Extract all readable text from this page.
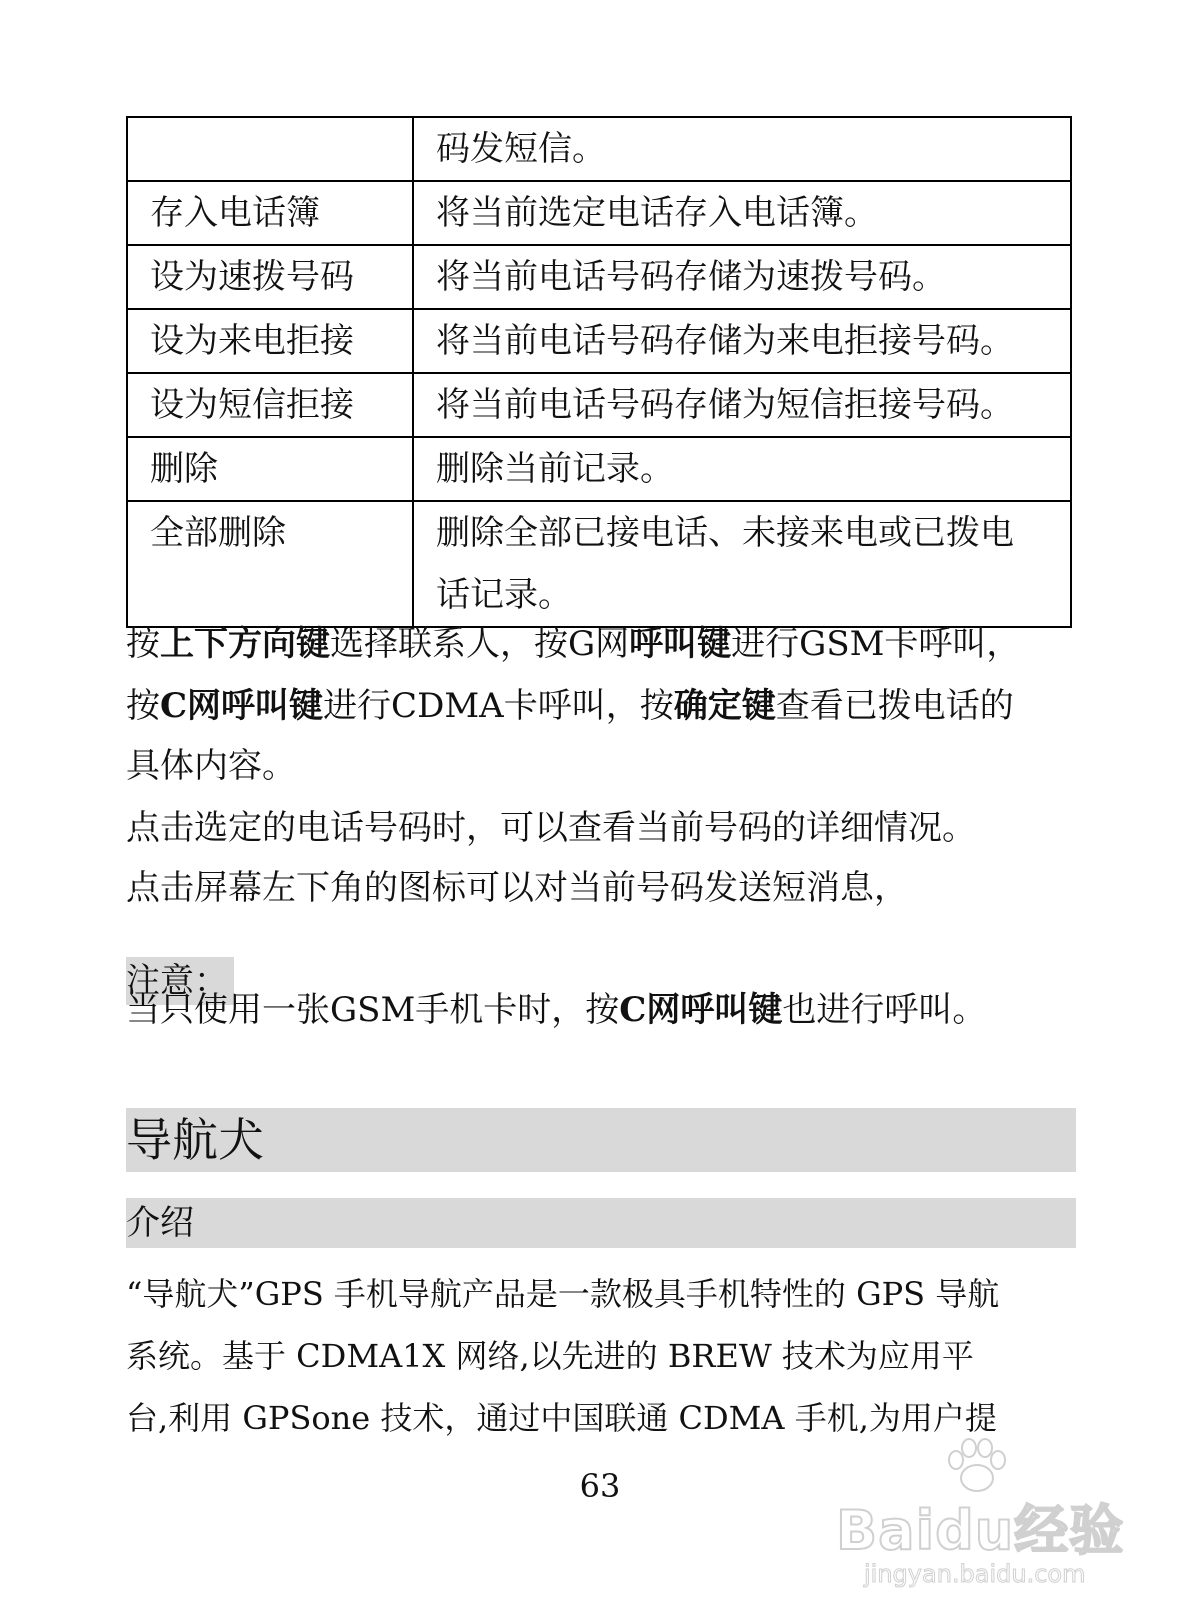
	码发短信。
存入电话簿	将当前选定电话存入电话簿。
设为速拨号码	将当前电话号码存储为速拨号码。
设为来电拒接	将当前电话号码存储为来电拒接号码。
设为短信拒接	将当前电话号码存储为短信拒接号码。
删除	删除当前记录。
全部删除	删除全部已接电话、未接来电或已拨电
话记录。
按上下方向键选择联系人，按G网呼叫键进行GSM卡呼叫，
按C网呼叫键进行CDMA卡呼叫，按确定键查看已拨电话的
具体内容。
点击选定的电话号码时，可以查看当前号码的详细情况。
点击屏幕左下角的图标可以对当前号码发送短消息，
注意：
当只使用一张GSM手机卡时，按C网呼叫键也进行呼叫。
导航犬
介绍
“导航犬”GPS 手机导航产品是一款极具手机特性的 GPS 导航
系统。基于 CDMA1X 网络,以先进的 BREW 技术为应用平
台,利用 GPSone 技术，通过中国联通 CDMA 手机,为用户提
63
Baidu经验
jingyan.baidu.com
